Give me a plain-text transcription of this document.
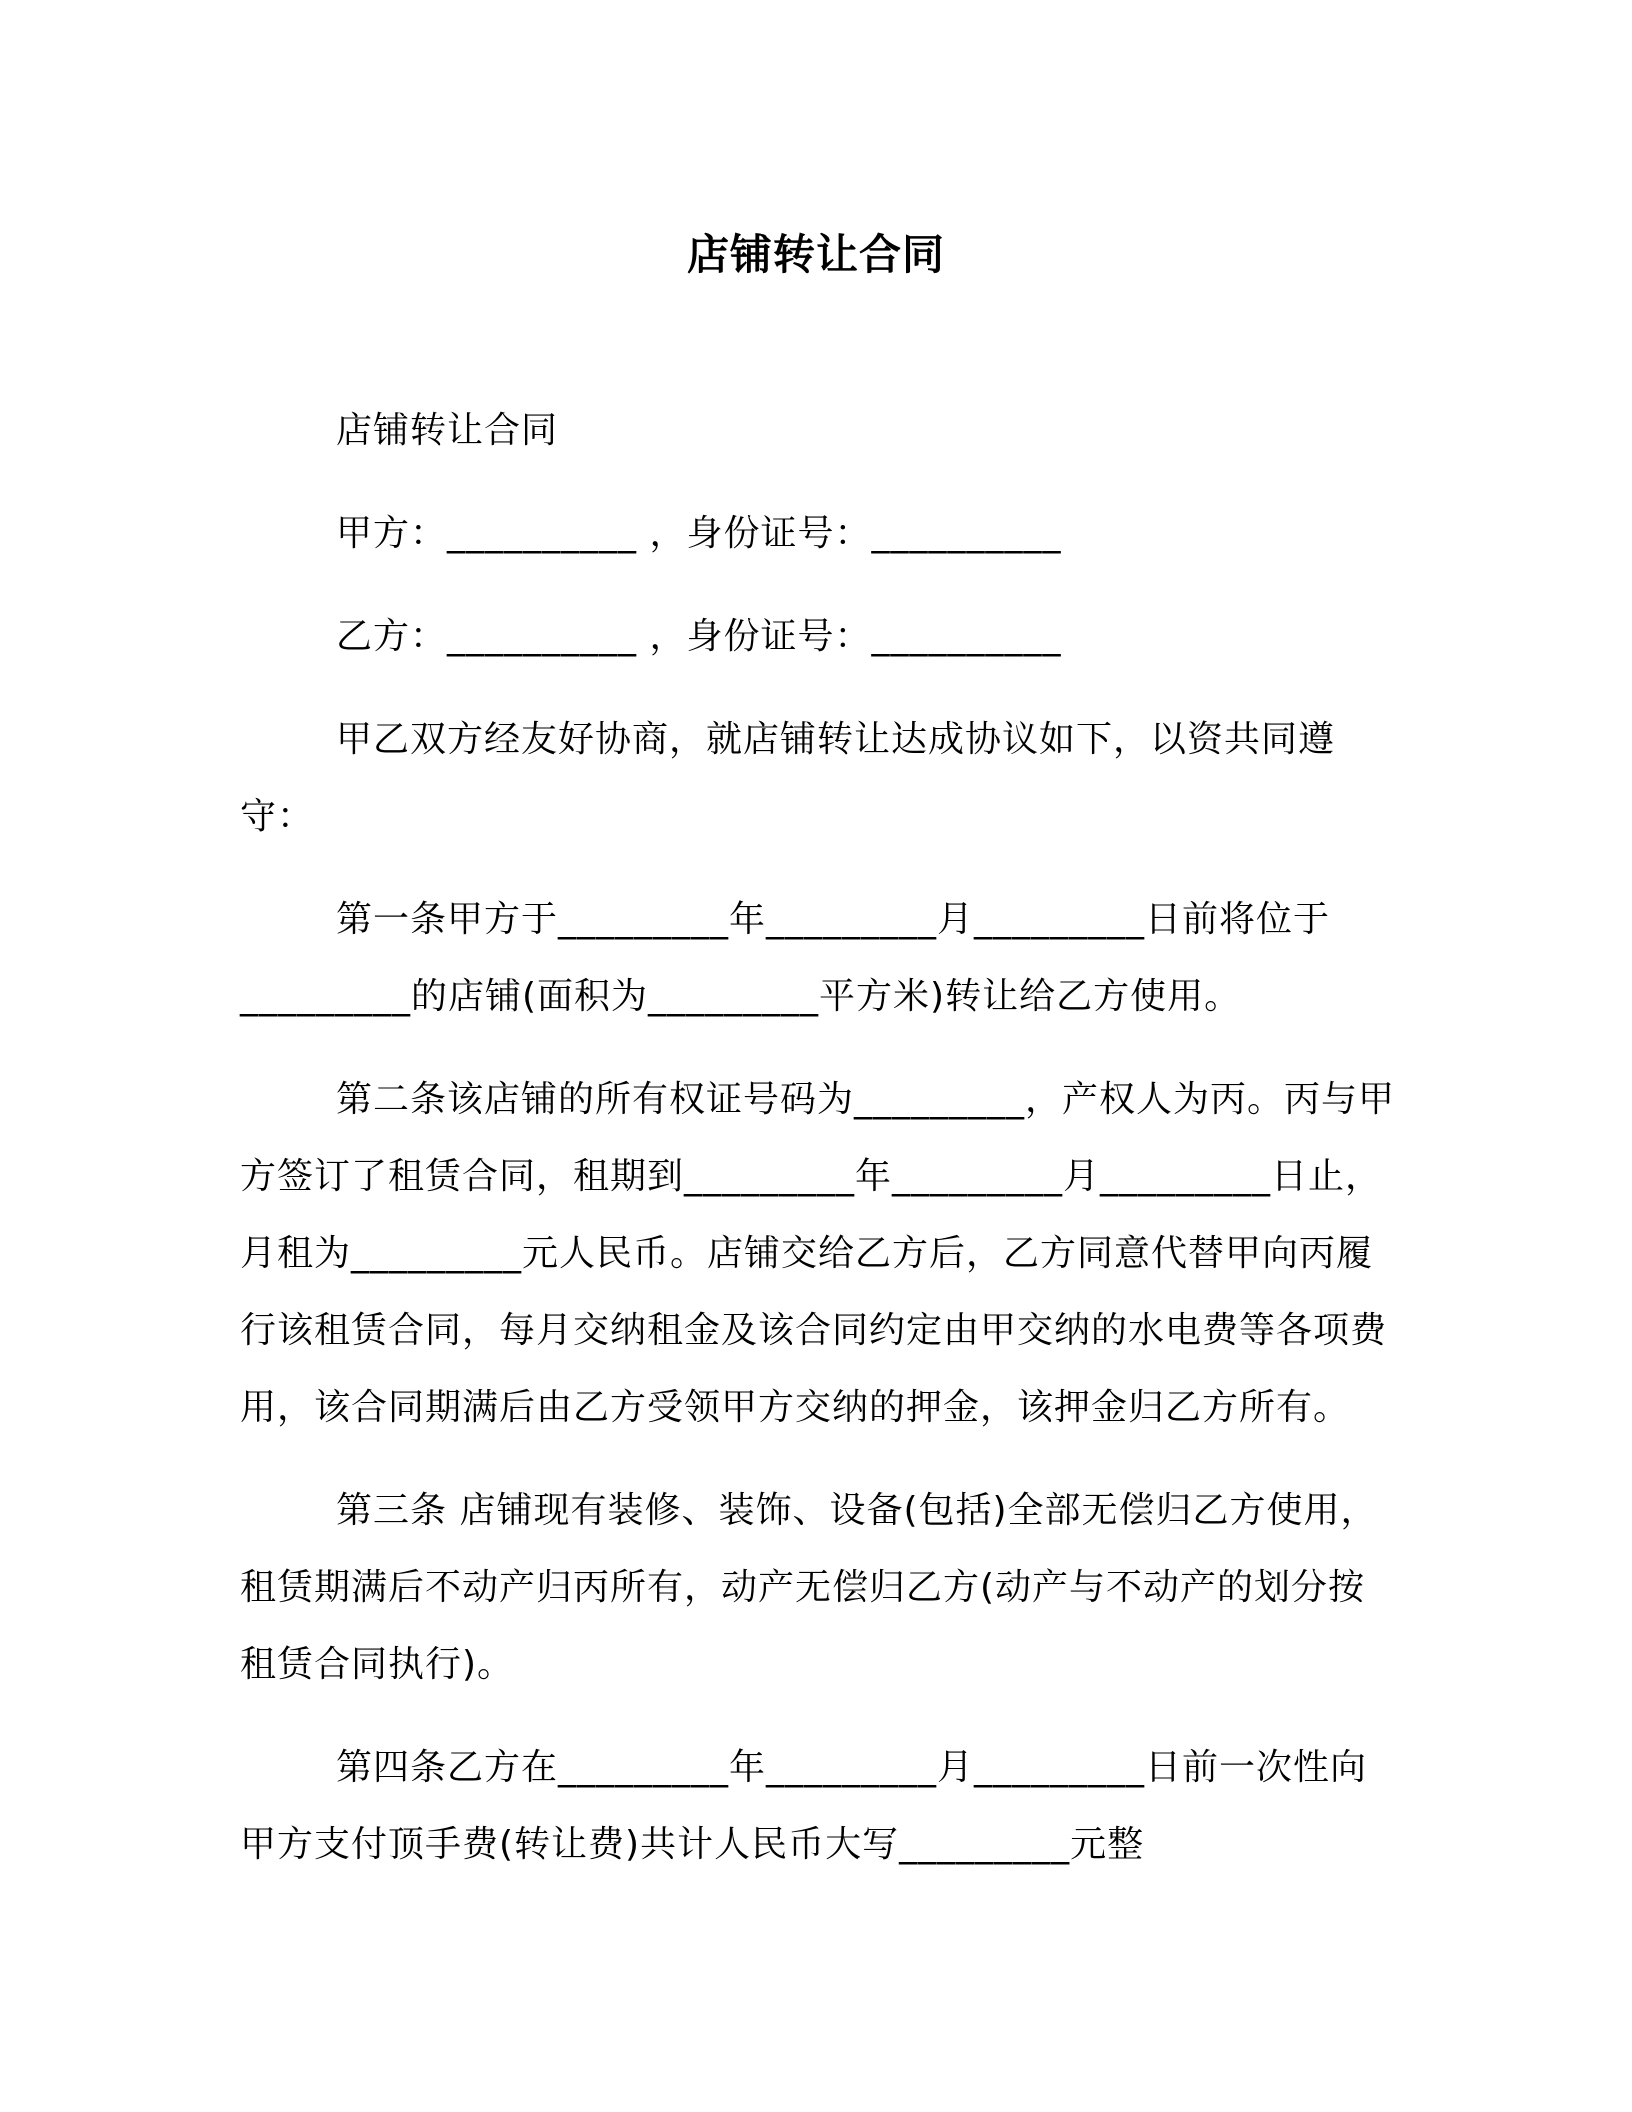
店铺转让合同

店铺转让合同

甲方：__________ ，身份证号：__________

乙方：__________ ，身份证号：__________

甲乙双方经友好协商，就店铺转让达成协议如下，以资共同遵守：

第一条甲方于_________年_________月_________日前将位于_________的店铺(面积为_________平方米)转让给乙方使用。

第二条该店铺的所有权证号码为_________，产权人为丙。丙与甲方签订了租赁合同，租期到_________年_________月_________日止，月租为_________元人民币。店铺交给乙方后，乙方同意代替甲向丙履行该租赁合同，每月交纳租金及该合同约定由甲交纳的水电费等各项费用，该合同期满后由乙方受领甲方交纳的押金，该押金归乙方所有。

第三条 店铺现有装修、装饰、设备(包括)全部无偿归乙方使用，租赁期满后不动产归丙所有，动产无偿归乙方(动产与不动产的划分按租赁合同执行)。

第四条乙方在_________年_________月_________日前一次性向甲方支付顶手费(转让费)共计人民币大写_________元整
